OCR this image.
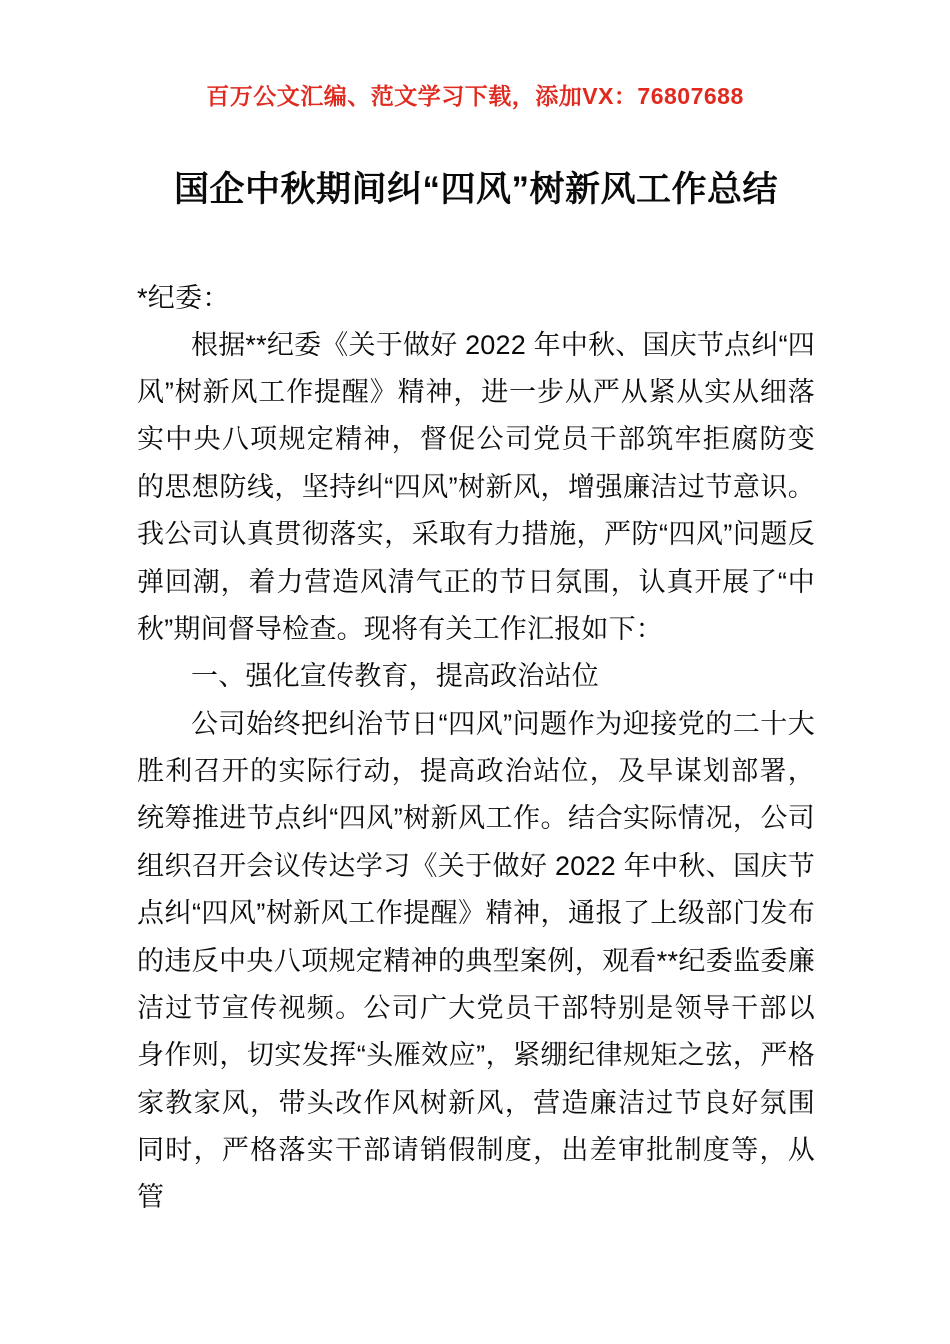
百万公文汇编、范文学习下载，添加VX：76807688
国企中秋期间纠“四风”树新风工作总结

*纪委：

根据**纪委《关于做好 2022 年中秋、国庆节点纠“四风”树新风工作提醒》精神，进一步从严从紧从实从细落实中央八项规定精神，督促公司党员干部筑牢拒腐防变的思想防线，坚持纠“四风”树新风，增强廉洁过节意识。我公司认真贯彻落实，采取有力措施，严防“四风”问题反弹回潮，着力营造风清气正的节日氛围，认真开展了“中秋”期间督导检查。现将有关工作汇报如下：

一、强化宣传教育，提高政治站位

公司始终把纠治节日“四风”问题作为迎接党的二十大胜利召开的实际行动，提高政治站位，及早谋划部署，统筹推进节点纠“四风”树新风工作。结合实际情况，公司组织召开会议传达学习《关于做好 2022 年中秋、国庆节点纠“四风”树新风工作提醒》精神，通报了上级部门发布的违反中央八项规定精神的典型案例，观看**纪委监委廉洁过节宣传视频。公司广大党员干部特别是领导干部以身作则，切实发挥“头雁效应”，紧绷纪律规矩之弦，严格家教家风，带头改作风树新风，营造廉洁过节良好氛围同时，严格落实干部请销假制度，出差审批制度等，从管
